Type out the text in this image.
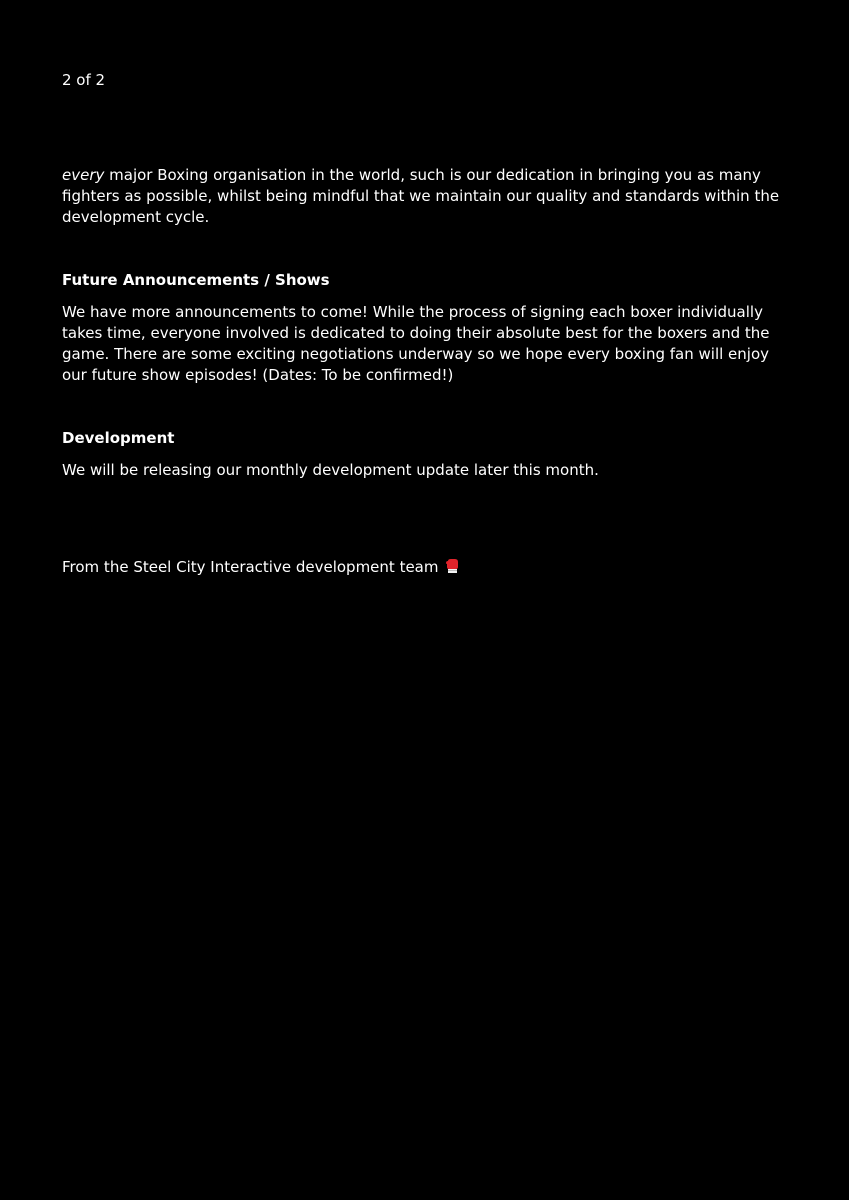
2 of 2

every major Boxing organisation in the world, such is our dedication in bringing you as many fighters as possible, whilst being mindful that we maintain our quality and standards within the development cycle.

Future Announcements / Shows

We have more announcements to come! While the process of signing each boxer individually takes time, everyone involved is dedicated to doing their absolute best for the boxers and the game. There are some exciting negotiations underway so we hope every boxing fan will enjoy our future show episodes! (Dates: To be confirmed!)

Development

We will be releasing our monthly development update later this month.

From the Steel City Interactive development team
